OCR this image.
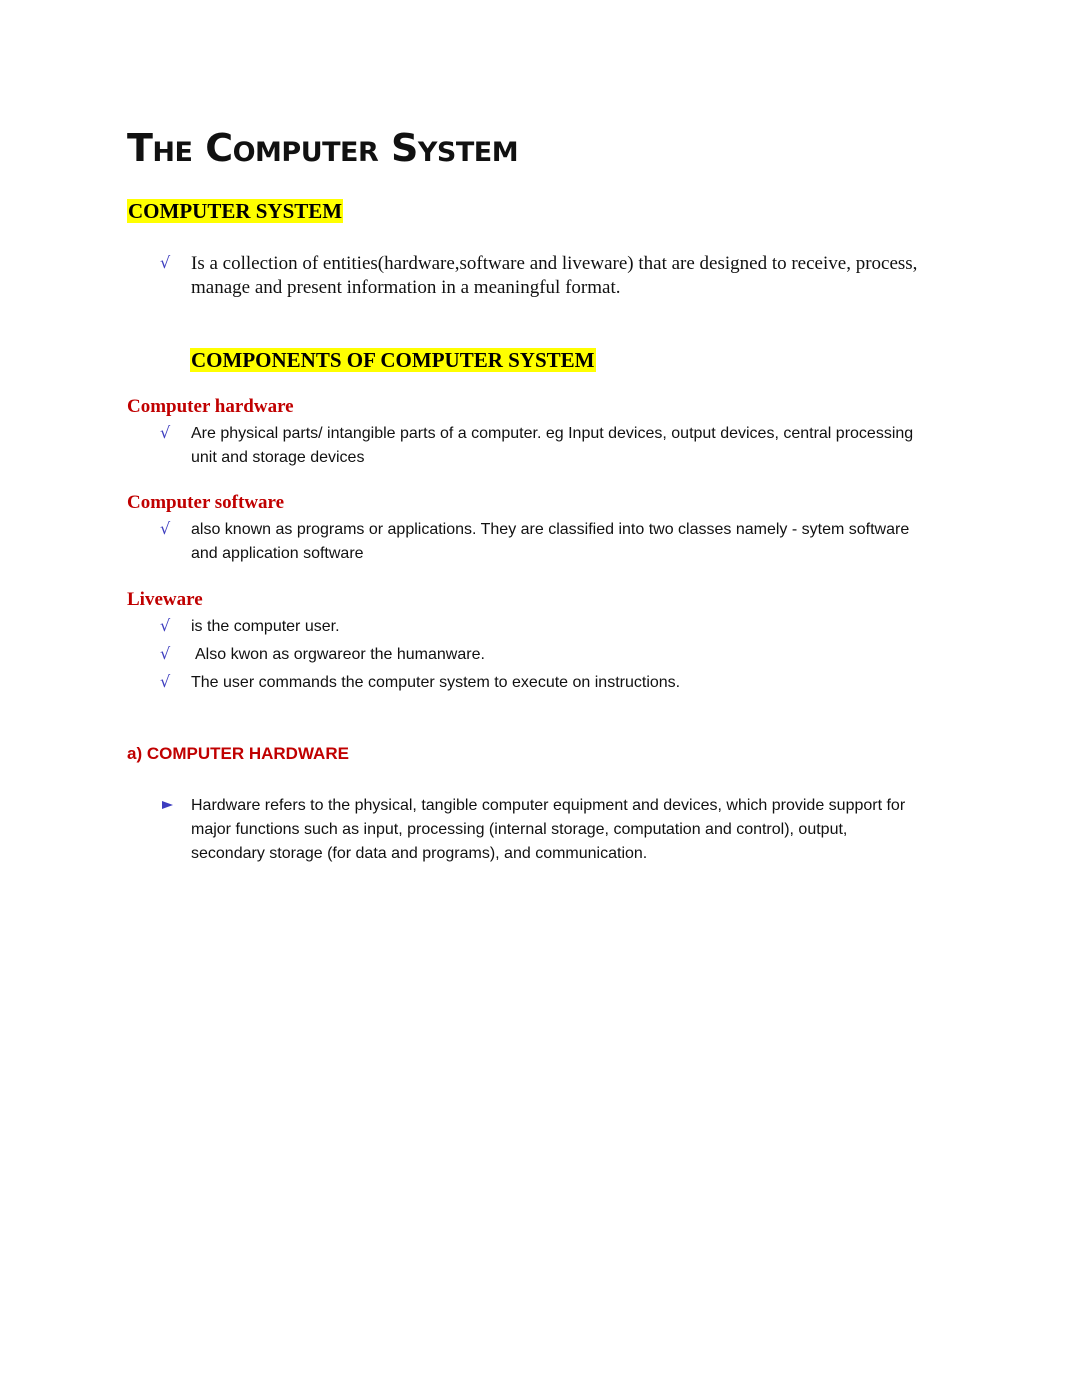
The Computer System
COMPUTER SYSTEM
√ Is a collection of entities(hardware,software and liveware) that are designed to receive, process, manage and present information in a meaningful format.
COMPONENTS OF COMPUTER SYSTEM
Computer hardware
√ Are physical parts/ intangible parts of a computer. eg Input devices, output devices, central processing unit and storage devices
Computer software
√ also known as programs or applications. They are classified into two classes namely - sytem software and application software
Liveware
√ is the computer user.
√ Also kwon as orgwareor the humanware.
√ The user commands the computer system to execute on instructions.
a) COMPUTER HARDWARE
Hardware refers to the physical, tangible computer equipment and devices, which provide support for major functions such as input, processing (internal storage, computation and control), output, secondary storage (for data and programs), and communication.
